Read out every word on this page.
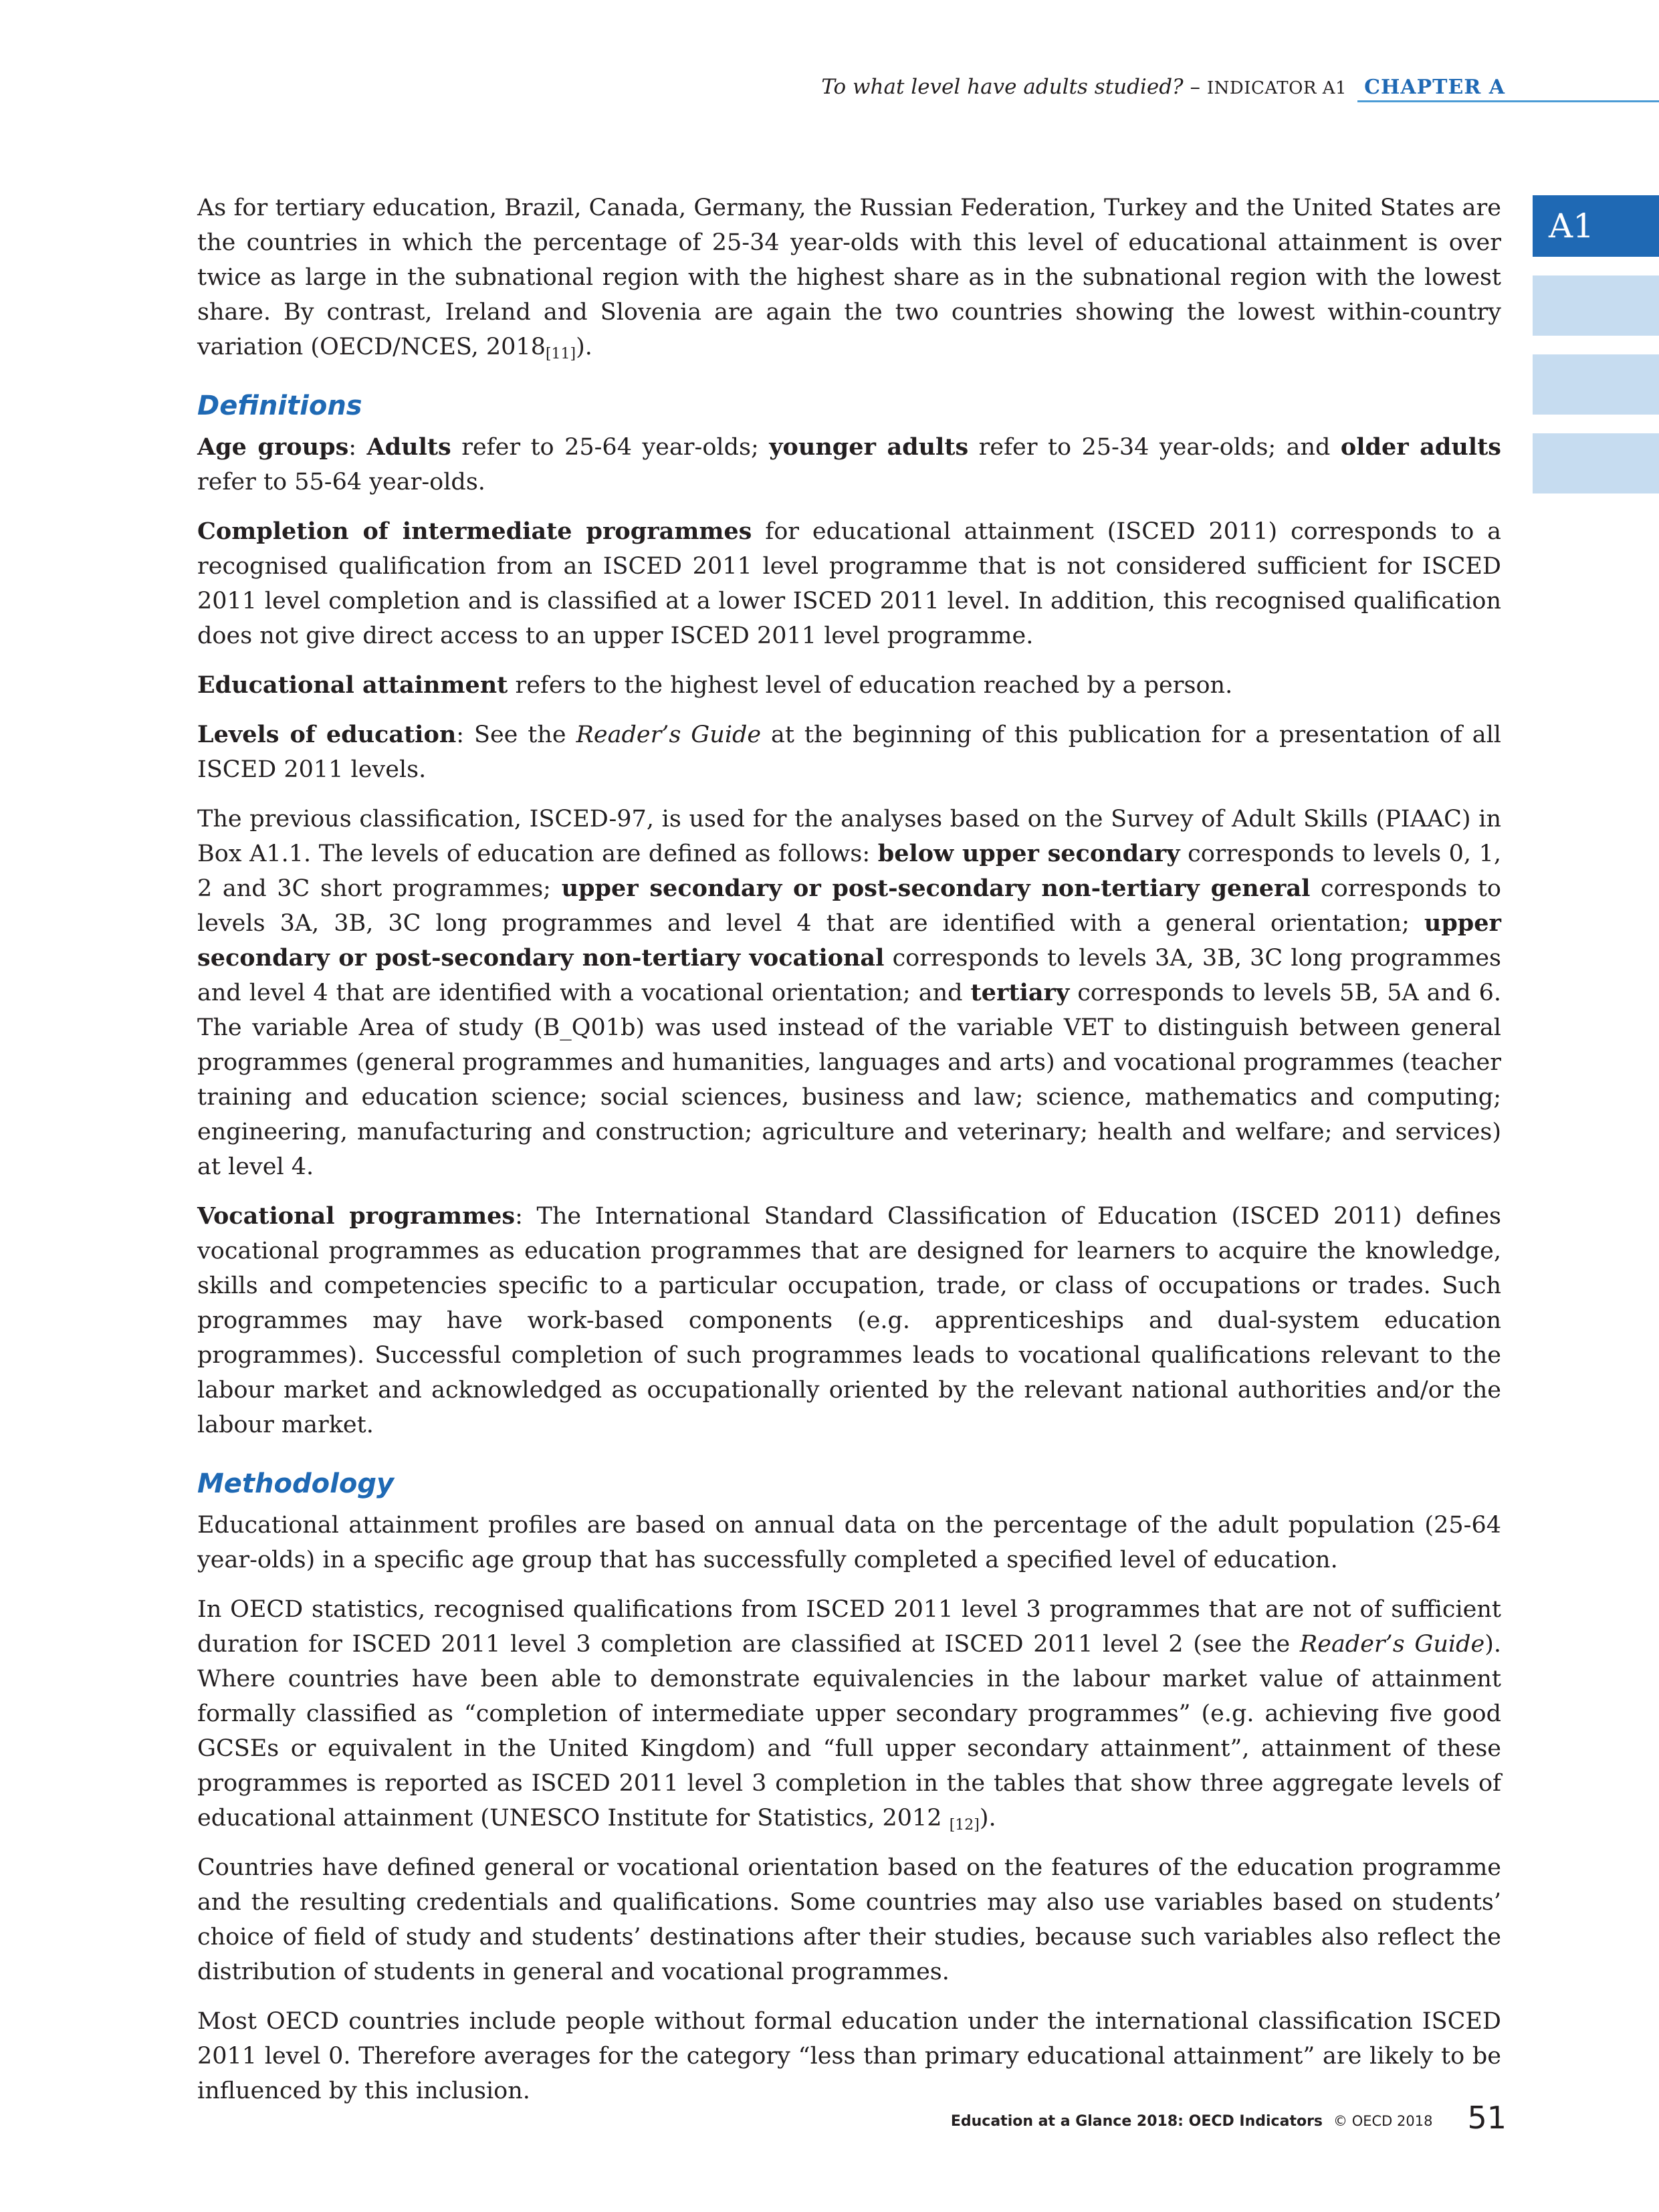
To what level have adults studied? – INDICATOR A1 CHAPTER A
A1

As for tertiary education, Brazil, Canada, Germany, the Russian Federation, Turkey and the United States are the countries in which the percentage of 25-34 year-olds with this level of educational attainment is over twice as large in the subnational region with the highest share as in the subnational region with the lowest share. By contrast, Ireland and Slovenia are again the two countries showing the lowest within-country variation (OECD/NCES, $2018_{[11]}$).

Definitions

Age groups: Adults refer to 25-64 year-olds; younger adults refer to 25-34 year-olds; and older adults refer to 55-64 year-olds.

Completion of intermediate programmes for educational attainment (ISCED 2011) corresponds to a recognised qualification from an ISCED 2011 level programme that is not considered sufficient for ISCED 2011 level completion and is classified at a lower ISCED 2011 level. In addition, this recognised qualification does not give direct access to an upper ISCED 2011 level programme.

Educational attainment refers to the highest level of education reached by a person.

Levels of education: See the Reader’s Guide at the beginning of this publication for a presentation of all ISCED 2011 levels.

The previous classification, ISCED-97, is used for the analyses based on the Survey of Adult Skills (PIAAC) in Box A1.1. The levels of education are defined as follows: below upper secondary corresponds to levels 0, 1, 2 and 3C short programmes; upper secondary or post-secondary non-tertiary general corresponds to levels 3A, 3B, 3C long programmes and level 4 that are identified with a general orientation; upper secondary or post-secondary non-tertiary vocational corresponds to levels 3A, 3B, 3C long programmes and level 4 that are identified with a vocational orientation; and tertiary corresponds to levels 5B, 5A and 6. The variable Area of study (B_Q01b) was used instead of the variable VET to distinguish between general programmes (general programmes and humanities, languages and arts) and vocational programmes (teacher training and education science; social sciences, business and law; science, mathematics and computing; engineering, manufacturing and construction; agriculture and veterinary; health and welfare; and services) at level 4.

Vocational programmes: The International Standard Classification of Education (ISCED 2011) defines vocational programmes as education programmes that are designed for learners to acquire the knowledge, skills and competencies specific to a particular occupation, trade, or class of occupations or trades. Such programmes may have work-based components (e.g. apprenticeships and dual-system education programmes). Successful completion of such programmes leads to vocational qualifications relevant to the labour market and acknowledged as occupationally oriented by the relevant national authorities and/or the labour market.

Methodology

Educational attainment profiles are based on annual data on the percentage of the adult population (25-64 year-olds) in a specific age group that has successfully completed a specified level of education.

In OECD statistics, recognised qualifications from ISCED 2011 level 3 programmes that are not of sufficient duration for ISCED 2011 level 3 completion are classified at ISCED 2011 level 2 (see the Reader’s Guide). Where countries have been able to demonstrate equivalencies in the labour market value of attainment formally classified as “completion of intermediate upper secondary programmes” (e.g. achieving five good GCSEs or equivalent in the United Kingdom) and “full upper secondary attainment”, attainment of these programmes is reported as ISCED 2011 level 3 completion in the tables that show three aggregate levels of educational attainment (UNESCO Institute for Statistics, 2012 $_{[12]}$).

Countries have defined general or vocational orientation based on the features of the education programme and the resulting credentials and qualifications. Some countries may also use variables based on students’ choice of field of study and students’ destinations after their studies, because such variables also reflect the distribution of students in general and vocational programmes.

Most OECD countries include people without formal education under the international classification ISCED 2011 level 0. Therefore averages for the category “less than primary educational attainment” are likely to be influenced by this inclusion.

Education at a Glance 2018: OECD Indicators © OECD 2018 51
